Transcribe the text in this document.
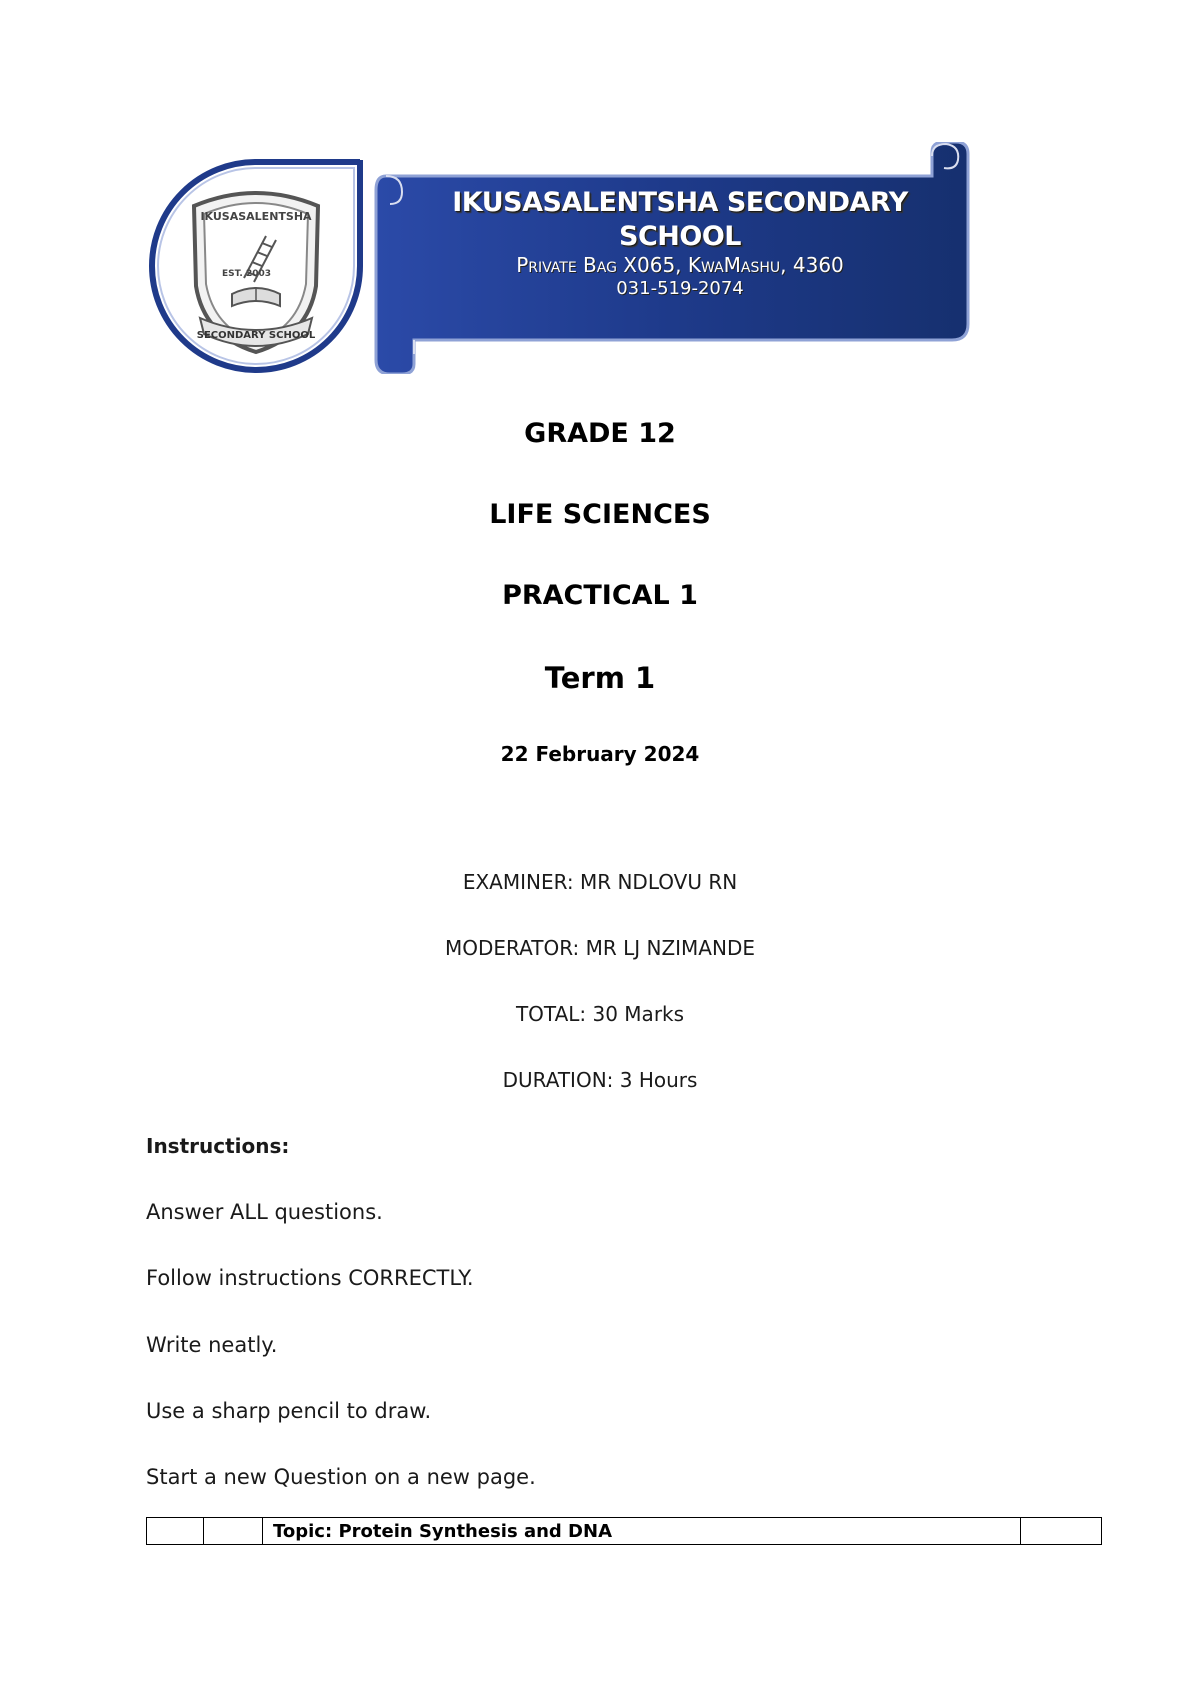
IKUSASALENTSHA
EST. 2003
SECONDARY SCHOOL
IKUSASALENTSHA SECONDARY
SCHOOL
Private Bag X065, KwaMashu, 4360
031-519-2074
GRADE 12
LIFE SCIENCES
PRACTICAL 1
Term 1
22 February 2024
EXAMINER: MR NDLOVU RN
MODERATOR: MR LJ NZIMANDE
TOTAL: 30 Marks
DURATION: 3 Hours
Instructions:
Answer ALL questions.
Follow instructions CORRECTLY.
Write neatly.
Use a sharp pencil to draw.
Start a new Question on a new page.
		Topic: Protein Synthesis and DNA	
